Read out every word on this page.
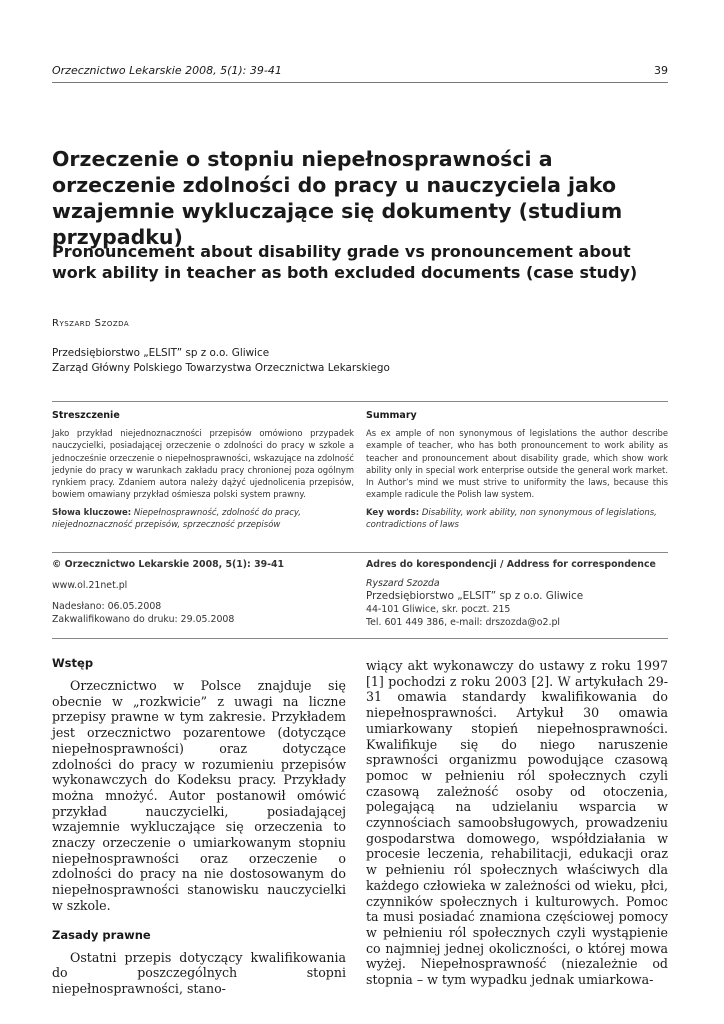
Orzecznictwo Lekarskie 2008, 5(1): 39-41	39
Orzeczenie o stopniu niepełnosprawności a orzeczenie zdolności do pracy u nauczyciela jako wzajemnie wykluczające się dokumenty (studium przypadku)
Pronouncement about disability grade vs pronouncement about work ability in teacher as both excluded documents (case study)
Ryszard Szozda
Przedsiębiorstwo „ELSIT” sp z o.o. Gliwice
Zarząd Główny Polskiego Towarzystwa Orzecznictwa Lekarskiego
Streszczenie
Jako przykład niejednoznaczności przepisów omówiono przypadek nauczycielki, posiadającej orzeczenie o zdolności do pracy w szkole a jednocześnie orzeczenie o niepełnosprawności, wskazujące na zdolność jedynie do pracy w warunkach zakładu pracy chronionej poza ogólnym rynkiem pracy. Zdaniem autora należy dążyć ujednolicenia przepisów, bowiem omawiany przykład ośmiesza polski system prawny.
Słowa kluczowe: Niepełnosprawność, zdolność do pracy, niejednoznaczność przepisów, sprzeczność przepisów
Summary
As ex ample of non synonymous of legislations the author describe example of teacher, who has both pronouncement to work ability as teacher and pronouncement about disability grade, which show work ability only in special work enterprise outside the general work market. In Author’s mind we must strive to uniformity the laws, because this example radicule the Polish law system.
Key words: Disability, work ability, non synonymous of legislations, contradictions of laws

© Orzecznictwo Lekarskie 2008, 5(1): 39-41

www.ol.21net.pl

Nadesłano: 06.05.2008

Zakwalifikowano do druku: 29.05.2008

Adres do korespondencji / Address for correspondence

Ryszard Szozda

Przedsiębiorstwo „ELSIT” sp z o.o. Gliwice

44-101 Gliwice, skr. poczt. 215

Tel. 601 449 386, e-mail: drszozda@o2.pl

Wstęp

Orzecznictwo w Polsce znajduje się obecnie w „rozkwicie” z uwagi na liczne przepisy prawne w tym zakresie. Przykładem jest orzecznictwo pozarentowe (dotyczące niepełnosprawności) oraz dotyczące zdolności do pracy w rozumieniu przepisów wykonawczych do Kodeksu pracy. Przykłady można mnożyć. Autor postanowił omówić przykład nauczycielki, posiadającej wzajemnie wykluczające się orzeczenia to znaczy orzeczenie o umiarkowanym stopniu niepełnosprawności oraz orzeczenie o zdolności do pracy na nie dostosowanym do niepełnosprawności stanowisku nauczycielki w szkole.

Zasady prawne

Ostatni przepis dotyczący kwalifikowania do poszczególnych stopni niepełnosprawności, stano-

wiący akt wykonawczy do ustawy z roku 1997 [1] pochodzi z roku 2003 [2]. W artykułach 29-31 omawia standardy kwalifikowania do niepełnosprawności. Artykuł 30 omawia umiarkowany stopień niepełnosprawności. Kwalifikuje się do niego naruszenie sprawności organizmu powodujące czasową pomoc w pełnieniu ról społecznych czyli czasową zależność osoby od otoczenia, polegającą na udzielaniu wsparcia w czynnościach samoobsługowych, prowadzeniu gospodarstwa domowego, współdziałania w procesie leczenia, rehabilitacji, edukacji oraz w pełnieniu ról społecznych właściwych dla każdego człowieka w zależności od wieku, płci, czynników społecznych i kulturowych. Pomoc ta musi posiadać znamiona częściowej pomocy w pełnieniu ról społecznych czyli wystąpienie co najmniej jednej okoliczności, o której mowa wyżej. Niepełnosprawność (niezależnie od stopnia – w tym wypadku jednak umiarkowa-
